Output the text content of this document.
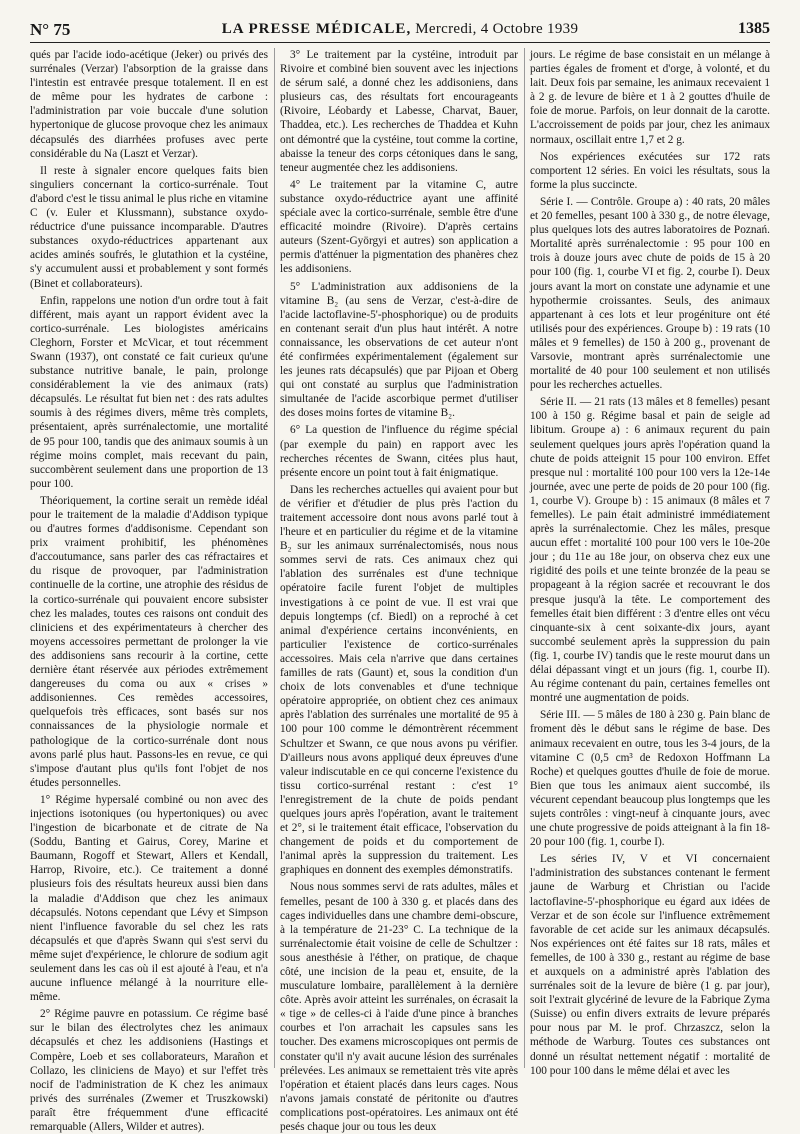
N° 75	LA PRESSE MÉDICALE, Mercredi, 4 Octobre 1939	1385

qués par l'acide iodo-acétique (Jeker) ou privés des surrénales (Verzar) l'absorption de la graisse dans l'intestin est entravée presque totalement. Il en est de même pour les hydrates de carbone : l'administration par voie buccale d'une solution hypertonique de glucose provoque chez les animaux décapsulés des diarrhées profuses avec perte considérable du Na (Laszt et Verzar).

Il reste à signaler encore quelques faits bien singuliers concernant la cortico-surrénale. Tout d'abord c'est le tissu animal le plus riche en vitamine C (v. Euler et Klussmann), substance oxydo-réductrice d'une puissance incomparable. D'autres substances oxydo-réductrices appartenant aux acides aminés soufrés, le glutathion et la cystéine, s'y accumulent aussi et probablement y sont formés (Binet et collaborateurs).

Enfin, rappelons une notion d'un ordre tout à fait différent, mais ayant un rapport évident avec la cortico-surrénale. Les biologistes américains Cleghorn, Forster et McVicar, et tout récemment Swann (1937), ont constaté ce fait curieux qu'une substance nutritive banale, le pain, prolonge considérablement la vie des animaux (rats) décapsulés. Le résultat fut bien net : des rats adultes soumis à des régimes divers, même très complets, présentaient, après surrénalectomie, une mortalité de 95 pour 100, tandis que des animaux soumis à un régime moins complet, mais recevant du pain, succombèrent seulement dans une proportion de 13 pour 100.

Théoriquement, la cortine serait un remède idéal pour le traitement de la maladie d'Addison typique ou d'autres formes d'addisonisme. Cependant son prix vraiment prohibitif, les phénomènes d'accoutumance, sans parler des cas réfractaires et du risque de provoquer, par l'administration continuelle de la cortine, une atrophie des résidus de la cortico-surrénale qui pouvaient encore subsister chez les malades, toutes ces raisons ont conduit des cliniciens et des expérimentateurs à chercher des moyens accessoires permettant de prolonger la vie des addisoniens sans recourir à la cortine, cette dernière étant réservée aux périodes extrêmement dangereuses du coma ou aux « crises » addisoniennes. Ces remèdes accessoires, quelquefois très efficaces, sont basés sur nos connaissances de la physiologie normale et pathologique de la cortico-surrénale dont nous avons parlé plus haut. Passons-les en revue, ce qui s'impose d'autant plus qu'ils font l'objet de nos études personnelles.

1° Régime hypersalé combiné ou non avec des injections isotoniques (ou hypertoniques) ou avec l'ingestion de bicarbonate et de citrate de Na (Soddu, Banting et Gairus, Corey, Marine et Baumann, Rogoff et Stewart, Allers et Kendall, Harrop, Rivoire, etc.). Ce traitement a donné plusieurs fois des résultats heureux aussi bien dans la maladie d'Addison que chez les animaux décapsulés. Notons cependant que Lévy et Simpson nient l'influence favorable du sel chez les rats décapsulés et que d'après Swann qui s'est servi du même sujet d'expérience, le chlorure de sodium agit seulement dans les cas où il est ajouté à l'eau, et n'a aucune influence mélangé à la nourriture elle-même.

2° Régime pauvre en potassium. Ce régime basé sur le bilan des électrolytes chez les animaux décapsulés et chez les addisoniens (Hastings et Compère, Loeb et ses collaborateurs, Marañon et Collazo, les cliniciens de Mayo) et sur l'effet très nocif de l'administration de K chez les animaux privés des surrénales (Zwemer et Truszkowski) paraît être fréquemment d'une efficacité remarquable (Allers, Wilder et autres).

3° Le traitement par la cystéine, introduit par Rivoire et combiné bien souvent avec les injections de sérum salé, a donné chez les addisoniens, dans plusieurs cas, des résultats fort encourageants (Rivoire, Léobardy et Labesse, Charvat, Bauer, Thaddea, etc.). Les recherches de Thaddea et Kuhn ont démontré que la cystéine, tout comme la cortine, abaisse la teneur des corps cétoniques dans le sang, teneur augmentée chez les addisoniens.

4° Le traitement par la vitamine C, autre substance oxydo-réductrice ayant une affinité spéciale avec la cortico-surrénale, semble être d'une efficacité moindre (Rivoire). D'après certains auteurs (Szent-Györgyi et autres) son application a permis d'atténuer la pigmentation des phanères chez les addisoniens.

5° L'administration aux addisoniens de la vitamine B₂ (au sens de Verzar, c'est-à-dire de l'acide lactoflavine-5'-phosphorique) ou de produits en contenant serait d'un plus haut intérêt. A notre connaissance, les observations de cet auteur n'ont été confirmées expérimentalement (également sur les jeunes rats décapsulés) que par Pijoan et Oberg qui ont constaté au surplus que l'administration simultanée de l'acide ascorbique permet d'utiliser des doses moins fortes de vitamine B₂.

6° La question de l'influence du régime spécial (par exemple du pain) en rapport avec les recherches récentes de Swann, citées plus haut, présente encore un point tout à fait énigmatique.

Dans les recherches actuelles qui avaient pour but de vérifier et d'étudier de plus près l'action du traitement accessoire dont nous avons parlé tout à l'heure et en particulier du régime et de la vitamine B₂ sur les animaux surrénalectomisés, nous nous sommes servi de rats. Ces animaux chez qui l'ablation des surrénales est d'une technique opératoire facile furent l'objet de multiples investigations à ce point de vue. Il est vrai que depuis longtemps (cf. Biedl) on a reproché à cet animal d'expérience certains inconvénients, en particulier l'existence de cortico-surrénales accessoires. Mais cela n'arrive que dans certaines familles de rats (Gaunt) et, sous la condition d'un choix de lots convenables et d'une technique opératoire appropriée, on obtient chez ces animaux après l'ablation des surrénales une mortalité de 95 à 100 pour 100 comme le démontrèrent récemment Schultzer et Swann, ce que nous avons pu vérifier. D'ailleurs nous avons appliqué deux épreuves d'une valeur indiscutable en ce qui concerne l'existence du tissu cortico-surrénal restant : c'est 1° l'enregistrement de la chute de poids pendant quelques jours après l'opération, avant le traitement et 2°, si le traitement était efficace, l'observation du changement de poids et du comportement de l'animal après la suppression du traitement. Les graphiques en donnent des exemples démonstratifs.

Nous nous sommes servi de rats adultes, mâles et femelles, pesant de 100 à 330 g. et placés dans des cages individuelles dans une chambre demi-obscure, à la température de 21-23° C. La technique de la surrénalectomie était voisine de celle de Schultzer : sous anesthésie à l'éther, on pratique, de chaque côté, une incision de la peau et, ensuite, de la musculature lombaire, parallèlement à la dernière côte. Après avoir atteint les surrénales, on écrasait la « tige » de celles-ci à l'aide d'une pince à branches courbes et l'on arrachait les capsules sans les toucher. Des examens microscopiques ont permis de constater qu'il n'y avait aucune lésion des surrénales prélevées. Les animaux se remettaient très vite après l'opération et étaient placés dans leurs cages. Nous n'avons jamais constaté de péritonite ou d'autres complications post-opératoires. Les animaux ont été pesés chaque jour ou tous les deux

jours. Le régime de base consistait en un mélange à parties égales de froment et d'orge, à volonté, et du lait. Deux fois par semaine, les animaux recevaient 1 à 2 g. de levure de bière et 1 à 2 gouttes d'huile de foie de morue. Parfois, on leur donnait de la carotte. L'accroissement de poids par jour, chez les animaux normaux, oscillait entre 1,7 et 2 g.

Nos expériences exécutées sur 172 rats comportent 12 séries. En voici les résultats, sous la forme la plus succincte.

Série I. — Contrôle. Groupe a) : 40 rats, 20 mâles et 20 femelles, pesant 100 à 330 g., de notre élevage, plus quelques lots des autres laboratoires de Poznań. Mortalité après surrénalectomie : 95 pour 100 en trois à douze jours avec chute de poids de 15 à 20 pour 100 (fig. 1, courbe VI et fig. 2, courbe I). Deux jours avant la mort on constate une adynamie et une hypothermie croissantes. Seuls, des animaux appartenant à ces lots et leur progéniture ont été utilisés pour des expériences. Groupe b) : 19 rats (10 mâles et 9 femelles) de 150 à 200 g., provenant de Varsovie, montrant après surrénalectomie une mortalité de 40 pour 100 seulement et non utilisés pour les recherches actuelles.

Série II. — 21 rats (13 mâles et 8 femelles) pesant 100 à 150 g. Régime basal et pain de seigle ad libitum. Groupe a) : 6 animaux reçurent du pain seulement quelques jours après l'opération quand la chute de poids atteignit 15 pour 100 environ. Effet presque nul : mortalité 100 pour 100 vers la 12e-14e journée, avec une perte de poids de 20 pour 100 (fig. 1, courbe V). Groupe b) : 15 animaux (8 mâles et 7 femelles). Le pain était administré immédiatement après la surrénalectomie. Chez les mâles, presque aucun effet : mortalité 100 pour 100 vers le 10e-20e jour ; du 11e au 18e jour, on observa chez eux une rigidité des poils et une teinte bronzée de la peau se propageant à la région sacrée et recouvrant le dos presque jusqu'à la tête. Le comportement des femelles était bien différent : 3 d'entre elles ont vécu cinquante-six à cent soixante-dix jours, ayant succombé seulement après la suppression du pain (fig. 1, courbe IV) tandis que le reste mourut dans un délai dépassant vingt et un jours (fig. 1, courbe II). Au régime contenant du pain, certaines femelles ont montré une augmentation de poids.

Série III. — 5 mâles de 180 à 230 g. Pain blanc de froment dès le début sans le régime de base. Des animaux recevaient en outre, tous les 3-4 jours, de la vitamine C (0,5 cm³ de Redoxon Hoffmann La Roche) et quelques gouttes d'huile de foie de morue. Bien que tous les animaux aient succombé, ils vécurent cependant beaucoup plus longtemps que les sujets contrôles : vingt-neuf à cinquante jours, avec une chute progressive de poids atteignant à la fin 18-20 pour 100 (fig. 1, courbe I).

Les séries IV, V et VI concernaient l'administration des substances contenant le ferment jaune de Warburg et Christian ou l'acide lactoflavine-5'-phosphorique eu égard aux idées de Verzar et de son école sur l'influence extrêmement favorable de cet acide sur les animaux décapsulés. Nos expériences ont été faites sur 18 rats, mâles et femelles, de 100 à 330 g., restant au régime de base et auxquels on a administré après l'ablation des surrénales soit de la levure de bière (1 g. par jour), soit l'extrait glycériné de levure de la Fabrique Zyma (Suisse) ou enfin divers extraits de levure préparés pour nous par M. le prof. Chrzaszcz, selon la méthode de Warburg. Toutes ces substances ont donné un résultat nettement négatif : mortalité de 100 pour 100 dans le même délai et avec les
